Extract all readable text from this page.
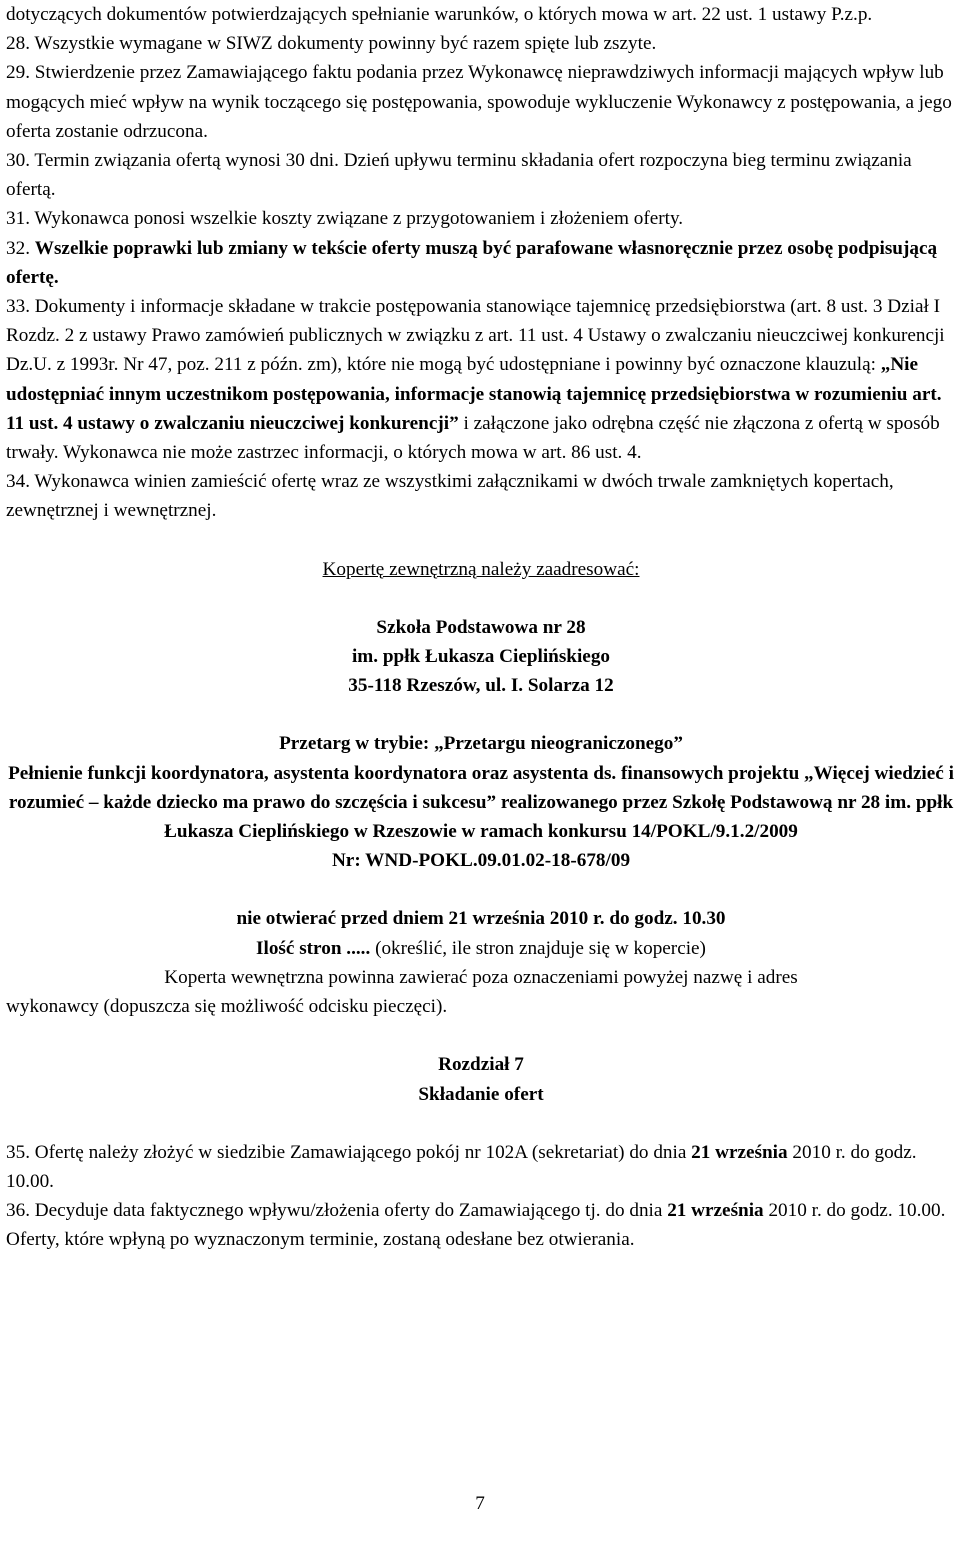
dotyczących dokumentów potwierdzających spełnianie warunków, o których mowa w art. 22 ust. 1 ustawy P.z.p.

28. Wszystkie wymagane w SIWZ dokumenty powinny być razem spięte lub zszyte.

29. Stwierdzenie przez Zamawiającego faktu podania przez Wykonawcę nieprawdziwych informacji mających wpływ lub mogących mieć wpływ na wynik toczącego się postępowania, spowoduje wykluczenie Wykonawcy z postępowania, a jego oferta zostanie odrzucona.

30. Termin związania ofertą wynosi 30 dni. Dzień upływu terminu składania ofert rozpoczyna bieg terminu związania ofertą.

31. Wykonawca ponosi wszelkie koszty związane z przygotowaniem i złożeniem oferty.

32. Wszelkie poprawki lub zmiany w tekście oferty muszą być parafowane własnoręcznie przez osobę podpisującą ofertę.

33. Dokumenty i informacje składane w trakcie postępowania stanowiące tajemnicę przedsiębiorstwa (art. 8 ust. 3 Dział I Rozdz. 2 z ustawy Prawo zamówień publicznych w związku z art. 11 ust. 4 Ustawy o zwalczaniu nieuczciwej konkurencji Dz.U. z 1993r. Nr 47, poz. 211 z późn. zm), które nie mogą być udostępniane i powinny być oznaczone klauzulą: „Nie udostępniać innym uczestnikom postępowania, informacje stanowią tajemnicę przedsiębiorstwa w rozumieniu art. 11 ust. 4 ustawy o zwalczaniu nieuczciwej konkurencji” i załączone jako odrębna część nie złączona z ofertą w sposób trwały. Wykonawca nie może zastrzec informacji, o których mowa w art. 86 ust. 4.

34. Wykonawca winien zamieścić ofertę wraz ze wszystkimi załącznikami w dwóch trwale zamkniętych kopertach, zewnętrznej i wewnętrznej.

Kopertę zewnętrzną należy zaadresować:

Szkoła Podstawowa nr 28

im. ppłk Łukasza Cieplińskiego

35-118 Rzeszów, ul. I. Solarza 12

Przetarg w trybie: „Przetargu nieograniczonego”

Pełnienie funkcji koordynatora, asystenta koordynatora oraz asystenta ds. finansowych projektu „Więcej wiedzieć i rozumieć – każde dziecko ma prawo do szczęścia i sukcesu” realizowanego przez Szkołę Podstawową nr 28 im. ppłk Łukasza Cieplińskiego w Rzeszowie w ramach konkursu 14/POKL/9.1.2/2009

Nr: WND-POKL.09.01.02-18-678/09

nie otwierać przed dniem 21 września 2010 r. do godz. 10.30

Ilość stron ..... (określić, ile stron znajduje się w kopercie)

Koperta wewnętrzna powinna zawierać poza oznaczeniami powyżej nazwę i adres

wykonawcy (dopuszcza się możliwość odcisku pieczęci).

Rozdział 7

Składanie ofert

35. Ofertę należy złożyć w siedzibie Zamawiającego pokój nr 102A (sekretariat) do dnia 21 września 2010 r. do godz. 10.00.

36. Decyduje data faktycznego wpływu/złożenia oferty do Zamawiającego tj. do dnia 21 września 2010 r. do godz. 10.00. Oferty, które wpłyną po wyznaczonym terminie, zostaną odesłane bez otwierania.

7
